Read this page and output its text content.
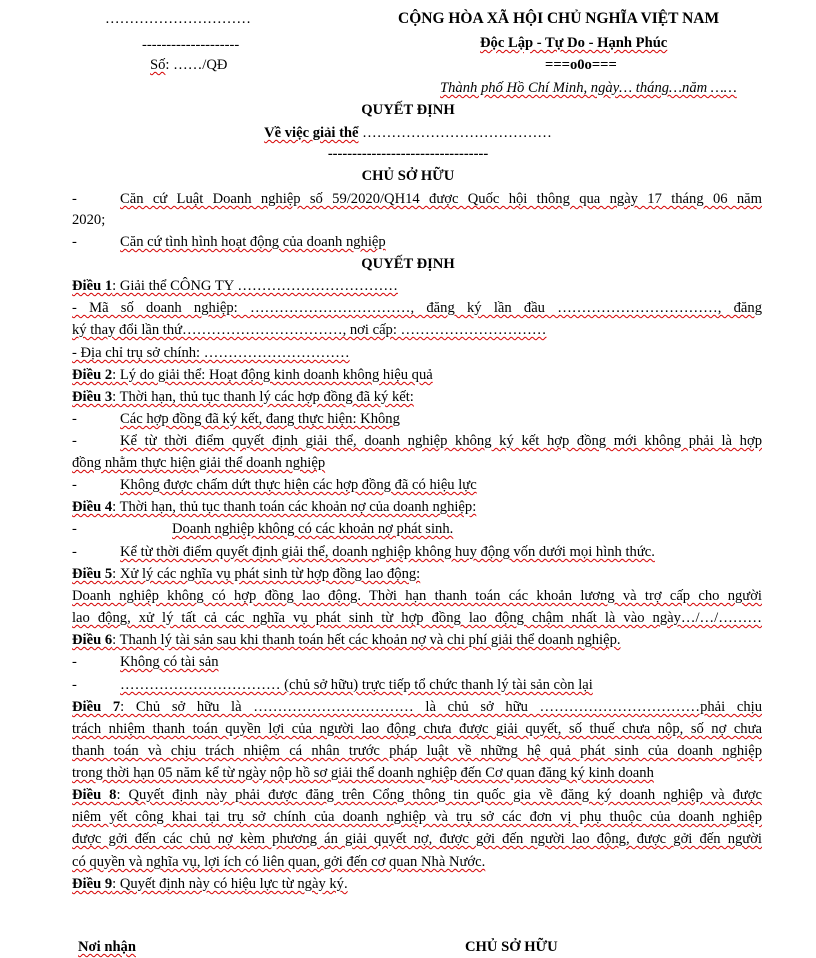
…………………………
--------------------
Số: ……/QĐ
CỘNG HÒA XÃ HỘI CHỦ NGHĨA VIỆT NAM
Độc Lập - Tự Do - Hạnh Phúc
===o0o===
Thành phố Hồ Chí Minh, ngày… tháng…năm ……
QUYẾT ĐỊNH
Về việc giải thể …………………………………
---------------------------------
CHỦ SỞ HỮU
-	Căn cứ Luật Doanh nghiệp số 59/2020/QH14 được Quốc hội thông qua ngày 17 tháng 06 năm
2020;
-	Căn cứ tình hình hoạt động của doanh nghiệp
QUYẾT ĐỊNH
Điều 1: Giải thể CÔNG TY ……………………………
- Mã số doanh nghiệp: ……………………………, đăng ký lần đầu ……………………………, đăng
ký thay đổi lần thứ……………………………, nơi cấp: …………………………
- Địa chỉ trụ sở chính: …………………………
Điều 2: Lý do giải thể: Hoạt động kinh doanh không hiệu quả
Điều 3: Thời hạn, thủ tục thanh lý các hợp đồng đã ký kết:
-	Các hợp đồng đã ký kết, đang thực hiện: Không
-	Kể từ thời điểm quyết định giải thể, doanh nghiệp không ký kết hợp đồng mới không phải là hợp
đồng nhằm thực hiện giải thể doanh nghiệp
-	Không được chấm dứt thực hiện các hợp đồng đã có hiệu lực
Điều 4: Thời hạn, thủ tục thanh toán các khoản nợ của doanh nghiệp:
-	Doanh nghiệp không có các khoản nợ phát sinh.
-	Kể từ thời điểm quyết định giải thể, doanh nghiệp không huy động vốn dưới mọi hình thức.
Điều 5: Xử lý các nghĩa vụ phát sinh từ hợp đồng lao động:
Doanh nghiệp không có hợp đồng lao động. Thời hạn thanh toán các khoản lương và trợ cấp cho người
lao động, xử lý tất cả các nghĩa vụ phát sinh từ hợp đồng lao động chậm nhất là vào ngày…/…/………
Điều 6: Thanh lý tài sản sau khi thanh toán hết các khoản nợ và chi phí giải thể doanh nghiệp.
-	Không có tài sản
-	…………………………… (chủ sở hữu) trực tiếp tổ chức thanh lý tài sản còn lại
Điều 7: Chủ sở hữu là …………………………… là chủ sở hữu ……………………………phải chịu
trách nhiệm thanh toán quyền lợi của người lao động chưa được giải quyết, số thuế chưa nộp, số nợ chưa
thanh toán và chịu trách nhiệm cá nhân trước pháp luật về những hệ quả phát sinh của doanh nghiệp
trong thời hạn 05 năm kể từ ngày nộp hồ sơ giải thể doanh nghiệp đến Cơ quan đăng ký kinh doanh
Điều 8: Quyết định này phải được đăng trên Cổng thông tin quốc gia về đăng ký doanh nghiệp và được
niêm yết công khai tại trụ sở chính của doanh nghiệp và trụ sở các đơn vị phụ thuộc của doanh nghiệp
được gởi đến các chủ nợ kèm phương án giải quyết nợ, được gởi đến người lao động, được gởi đến người
có quyền và nghĩa vụ, lợi ích có liên quan, gởi đến cơ quan Nhà Nước.
Điều 9: Quyết định này có hiệu lực từ ngày ký.
Nơi nhận	CHỦ SỞ HỮU
